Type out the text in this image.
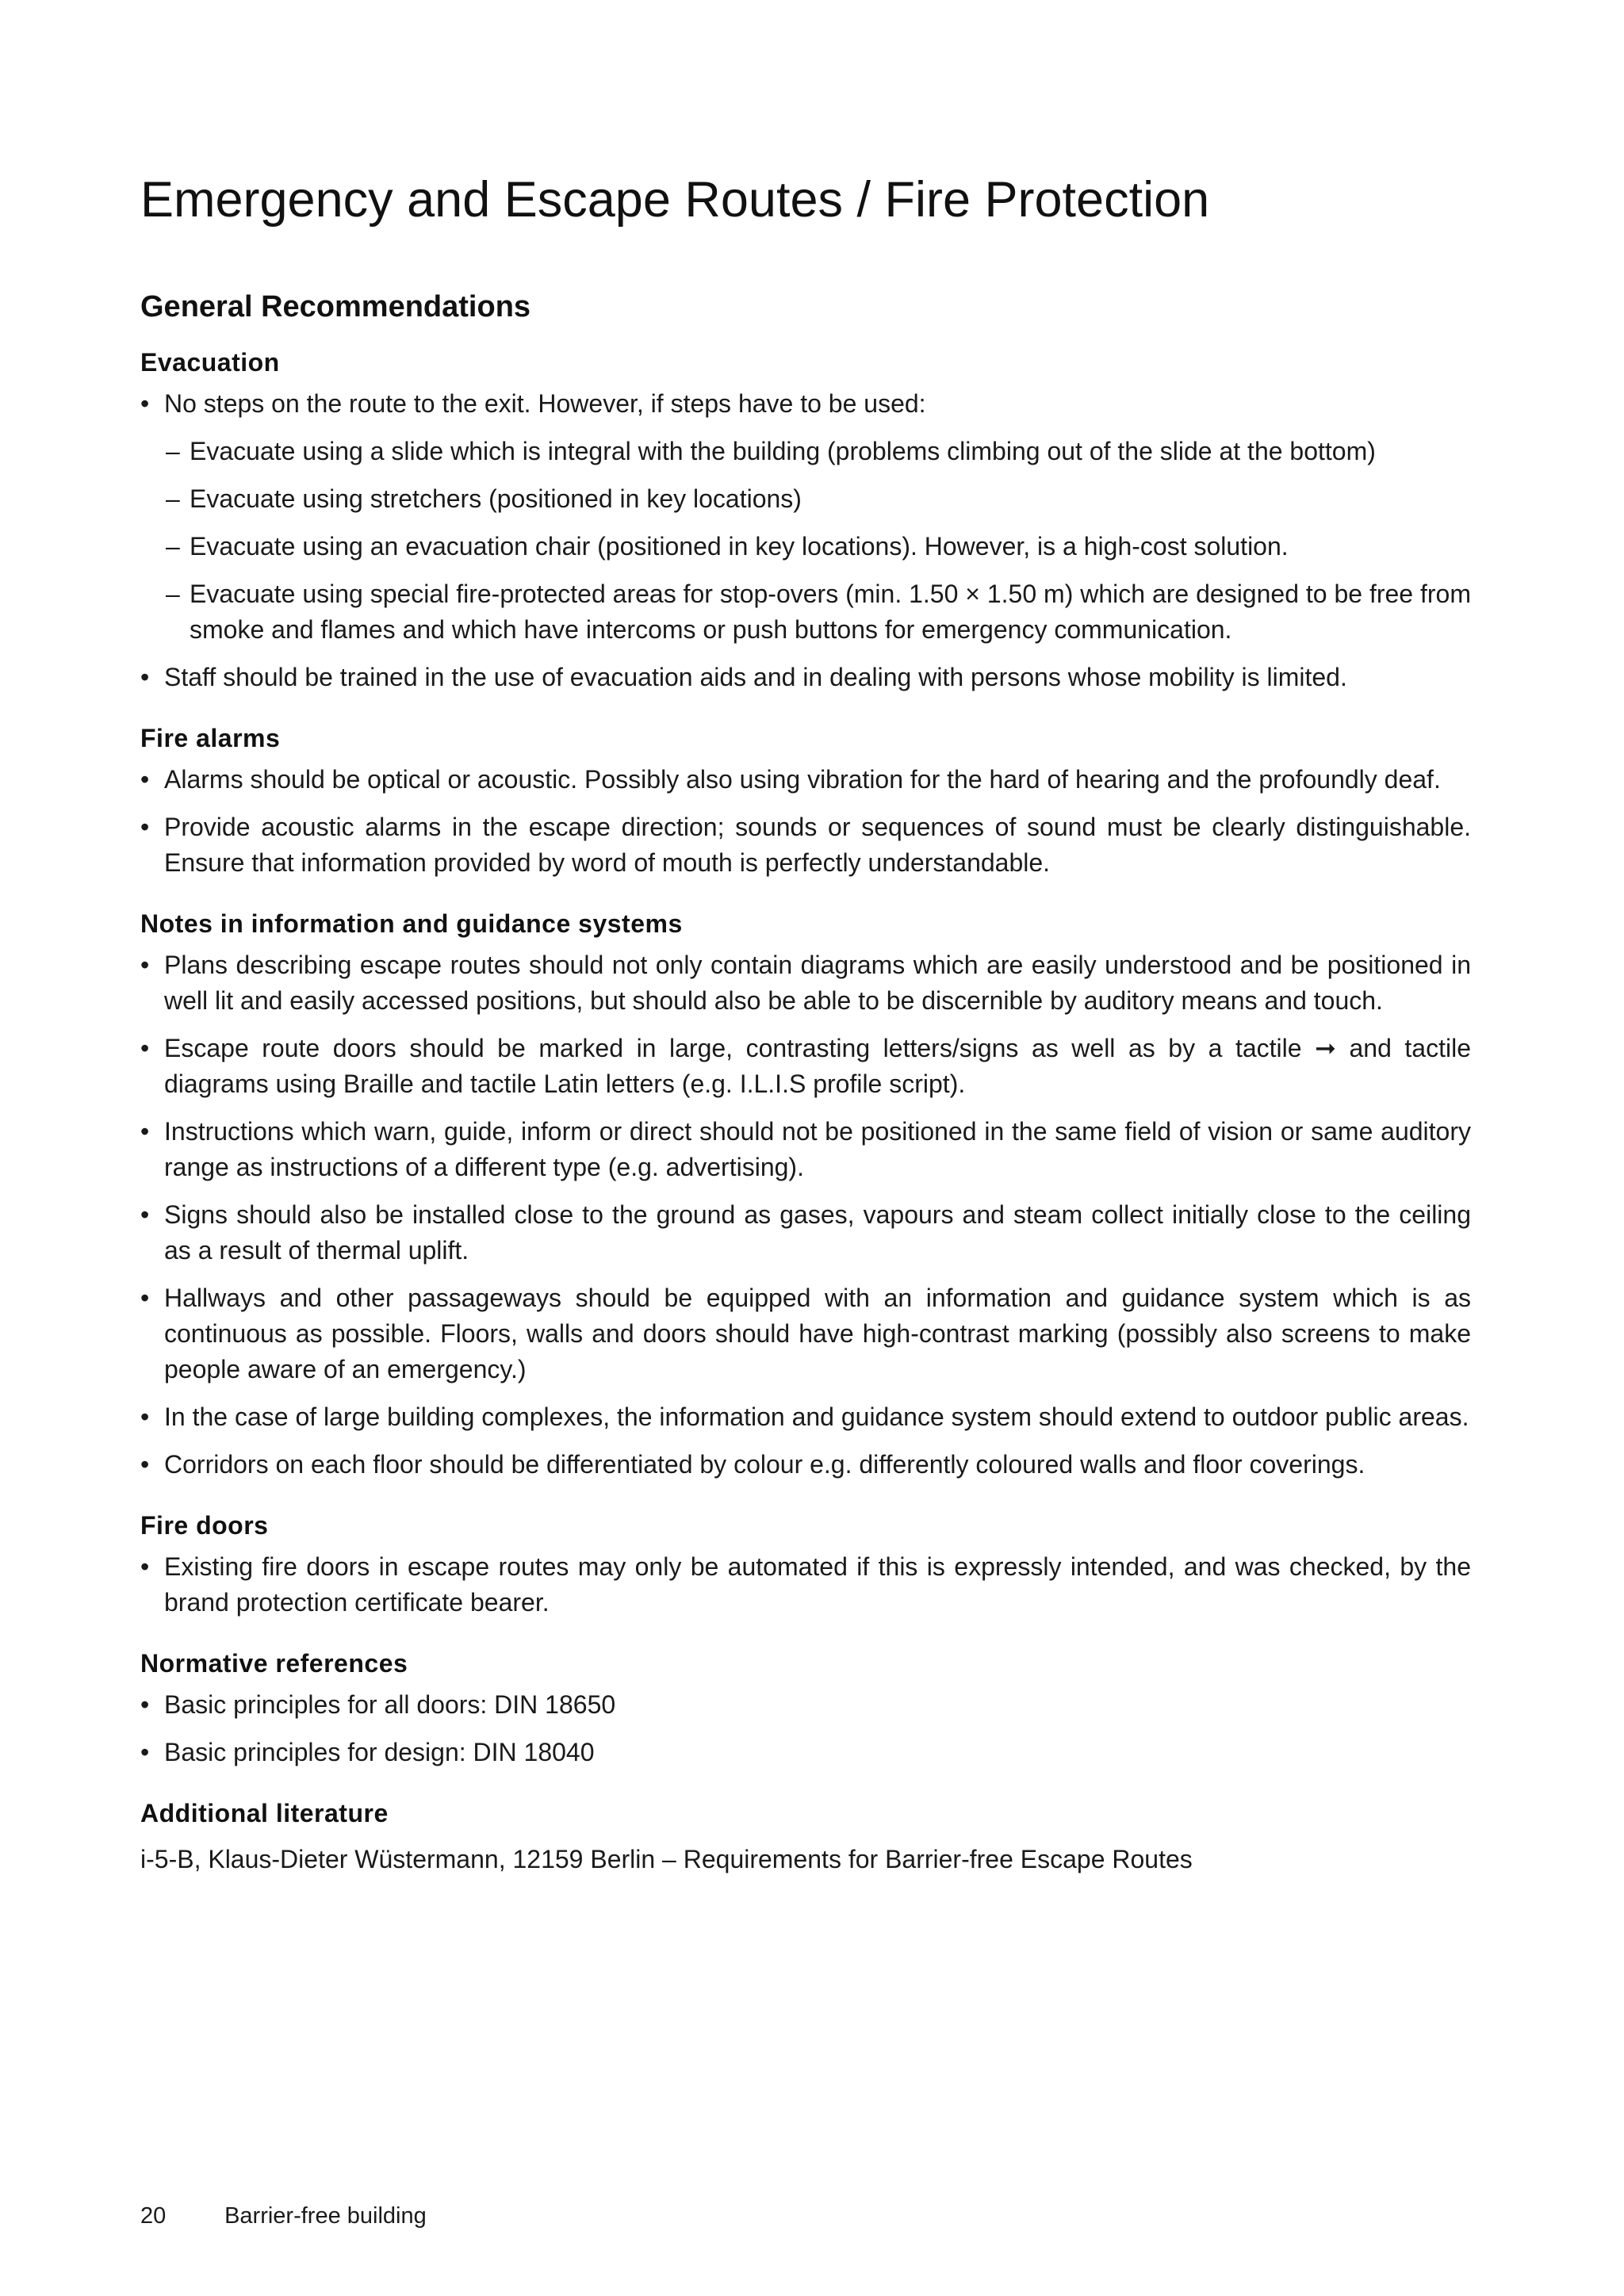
Emergency and Escape Routes / Fire Protection
General Recommendations
Evacuation
• No steps on the route to the exit. However, if steps have to be used:
– Evacuate using a slide which is integral with the building (problems climbing out of the slide at the bottom)
– Evacuate using stretchers (positioned in key locations)
– Evacuate using an evacuation chair (positioned in key locations). However, is a high-cost solution.
– Evacuate using special fire-protected areas for stop-overs (min. 1.50 × 1.50 m) which are designed to be free from smoke and flames and which have intercoms or push buttons for emergency communication.
• Staff should be trained in the use of evacuation aids and in dealing with persons whose mobility is limited.
Fire alarms
• Alarms should be optical or acoustic. Possibly also using vibration for the hard of hearing and the profoundly deaf.
• Provide acoustic alarms in the escape direction; sounds or sequences of sound must be clearly distinguishable. Ensure that information provided by word of mouth is perfectly understandable.
Notes in information and guidance systems
• Plans describing escape routes should not only contain diagrams which are easily understood and be positioned in well lit and easily accessed positions, but should also be able to be discernible by auditory means and touch.
• Escape route doors should be marked in large, contrasting letters/signs as well as by a tactile ➞ and tactile diagrams using Braille and tactile Latin letters (e.g. I.L.I.S profile script).
• Instructions which warn, guide, inform or direct should not be positioned in the same field of vision or same auditory range as instructions of a different type (e.g. advertising).
• Signs should also be installed close to the ground as gases, vapours and steam collect initially close to the ceiling as a result of thermal uplift.
• Hallways and other passageways should be equipped with an information and guidance system which is as continuous as possible. Floors, walls and doors should have high-contrast marking (possibly also screens to make people aware of an emergency.)
• In the case of large building complexes, the information and guidance system should extend to outdoor public areas.
• Corridors on each floor should be differentiated by colour e.g. differently coloured walls and floor coverings.
Fire doors
• Existing fire doors in escape routes may only be automated if this is expressly intended, and was checked, by the brand protection certificate bearer.
Normative references
• Basic principles for all doors: DIN 18650
• Basic principles for design: DIN 18040
Additional literature

i-5-B, Klaus-Dieter Wüstermann, 12159 Berlin – Requirements for Barrier-free Escape Routes

20	Barrier-free building
